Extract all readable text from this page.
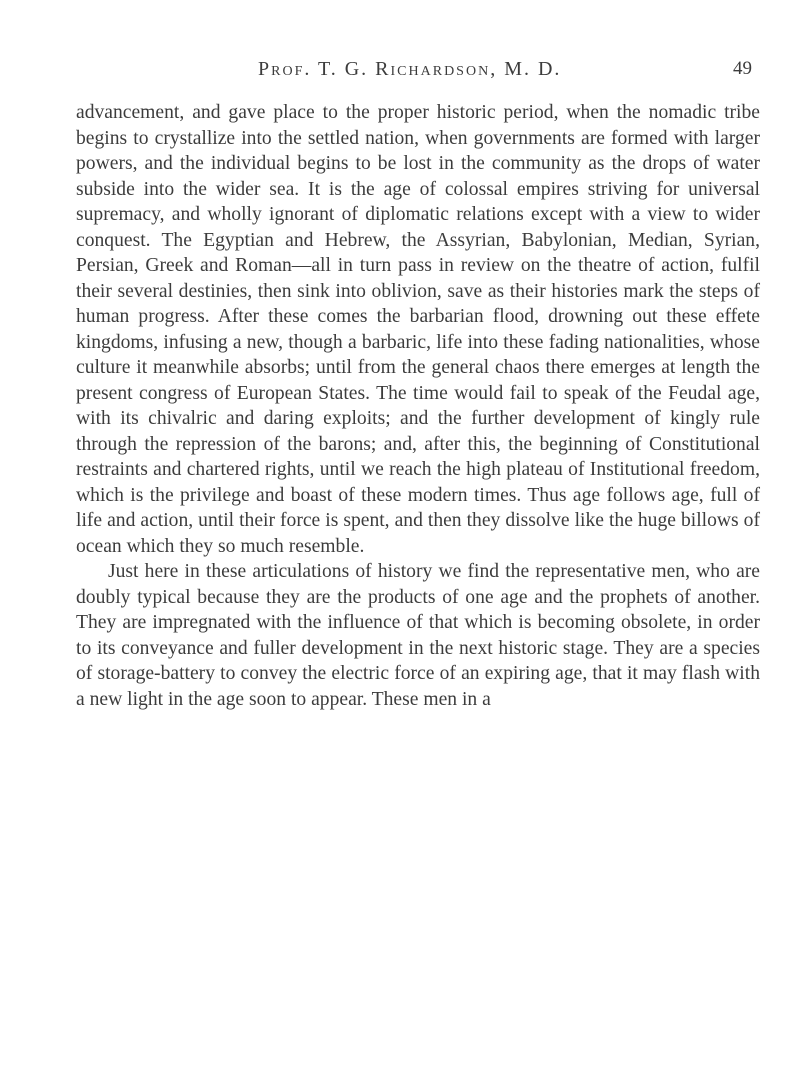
Prof. T. G. Richardson, M. D.	49

advancement, and gave place to the proper historic period, when the nomadic tribe begins to crystallize into the settled nation, when governments are formed with larger powers, and the individual begins to be lost in the community as the drops of water subside into the wider sea. It is the age of colossal empires striving for universal supremacy, and wholly ignorant of diplomatic relations except with a view to wider conquest. The Egyptian and Hebrew, the Assyrian, Babylonian, Median, Syrian, Persian, Greek and Roman—all in turn pass in review on the theatre of action, fulfil their several destinies, then sink into oblivion, save as their histories mark the steps of human progress. After these comes the barbarian flood, drowning out these effete kingdoms, infusing a new, though a barbaric, life into these fading nationalities, whose culture it meanwhile absorbs; until from the general chaos there emerges at length the present congress of European States. The time would fail to speak of the Feudal age, with its chivalric and daring exploits; and the further development of kingly rule through the repression of the barons; and, after this, the beginning of Constitutional restraints and chartered rights, until we reach the high plateau of Institutional freedom, which is the privilege and boast of these modern times. Thus age follows age, full of life and action, until their force is spent, and then they dissolve like the huge billows of ocean which they so much resemble.

Just here in these articulations of history we find the representative men, who are doubly typical because they are the products of one age and the prophets of another. They are impregnated with the influence of that which is becoming obsolete, in order to its conveyance and fuller development in the next historic stage. They are a species of storage-battery to convey the electric force of an expiring age, that it may flash with a new light in the age soon to appear. These men in a
